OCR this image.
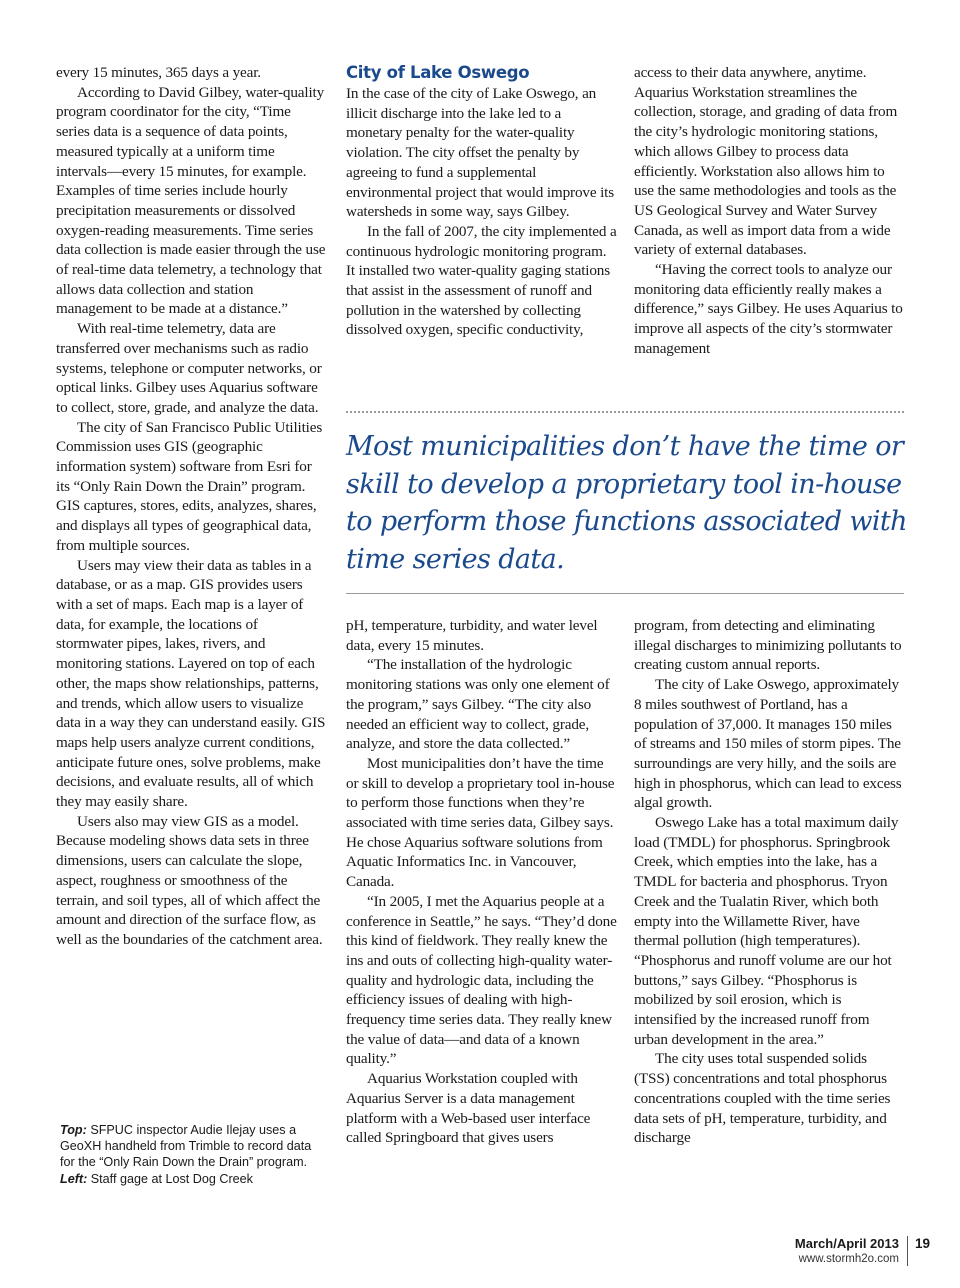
every 15 minutes, 365 days a year.

According to David Gilbey, water-quality program coordinator for the city, “Time series data is a sequence of data points, measured typically at a uniform time intervals—every 15 minutes, for example. Examples of time series include hourly precipitation measurements or dissolved oxygen-reading measurements. Time series data collection is made easier through the use of real-time data telemetry, a technology that allows data collection and station management to be made at a distance.”

With real-time telemetry, data are transferred over mechanisms such as radio systems, telephone or computer networks, or optical links. Gilbey uses Aquarius software to collect, store, grade, and analyze the data.

The city of San Francisco Public Utilities Commission uses GIS (geographic information system) software from Esri for its “Only Rain Down the Drain” program. GIS captures, stores, edits, analyzes, shares, and displays all types of geographical data, from multiple sources.

Users may view their data as tables in a database, or as a map. GIS provides users with a set of maps. Each map is a layer of data, for example, the locations of stormwater pipes, lakes, rivers, and monitoring stations. Layered on top of each other, the maps show relationships, patterns, and trends, which allow users to visualize data in a way they can understand easily. GIS maps help users analyze current conditions, anticipate future ones, solve problems, make decisions, and evaluate results, all of which they may easily share.

Users also may view GIS as a model. Because modeling shows data sets in three dimensions, users can calculate the slope, aspect, roughness or smoothness of the terrain, and soil types, all of which affect the amount and direction of the surface flow, as well as the boundaries of the catchment area.

Top: SFPUC inspector Audie Ilejay uses a GeoXH handheld from Trimble to record data for the “Only Rain Down the Drain” program.
Left: Staff gage at Lost Dog Creek
City of Lake Oswego

In the case of the city of Lake Oswego, an illicit discharge into the lake led to a monetary penalty for the water-quality violation. The city offset the penalty by agreeing to fund a supplemental environmental project that would improve its watersheds in some way, says Gilbey.

In the fall of 2007, the city implemented a continuous hydrologic monitoring program. It installed two water-quality gaging stations that assist in the assessment of runoff and pollution in the watershed by collecting dissolved oxygen, specific conductivity,

access to their data anywhere, anytime. Aquarius Workstation streamlines the collection, storage, and grading of data from the city’s hydrologic monitoring stations, which allows Gilbey to process data efficiently. Workstation also allows him to use the same methodologies and tools as the US Geological Survey and Water Survey Canada, as well as import data from a wide variety of external databases.

“Having the correct tools to analyze our monitoring data efficiently really makes a difference,” says Gilbey. He uses Aquarius to improve all aspects of the city’s stormwater management

Most municipalities don’t have the time or skill to develop a proprietary tool in-house to perform those functions associated with time series data.

pH, temperature, turbidity, and water level data, every 15 minutes.

“The installation of the hydrologic monitoring stations was only one element of the program,” says Gilbey. “The city also needed an efficient way to collect, grade, analyze, and store the data collected.”

Most municipalities don’t have the time or skill to develop a proprietary tool in-house to perform those functions when they’re associated with time series data, Gilbey says. He chose Aquarius software solutions from Aquatic Informatics Inc. in Vancouver, Canada.

“In 2005, I met the Aquarius people at a conference in Seattle,” he says. “They’d done this kind of fieldwork. They really knew the ins and outs of collecting high-quality water-quality and hydrologic data, including the efficiency issues of dealing with high-frequency time series data. They really knew the value of data—and data of a known quality.”

Aquarius Workstation coupled with Aquarius Server is a data management platform with a Web-based user interface called Springboard that gives users

program, from detecting and eliminating illegal discharges to minimizing pollutants to creating custom annual reports.

The city of Lake Oswego, approximately 8 miles southwest of Portland, has a population of 37,000. It manages 150 miles of streams and 150 miles of storm pipes. The surroundings are very hilly, and the soils are high in phosphorus, which can lead to excess algal growth.

Oswego Lake has a total maximum daily load (TMDL) for phosphorus. Springbrook Creek, which empties into the lake, has a TMDL for bacteria and phosphorus. Tryon Creek and the Tualatin River, which both empty into the Willamette River, have thermal pollution (high temperatures). “Phosphorus and runoff volume are our hot buttons,” says Gilbey. “Phosphorus is mobilized by soil erosion, which is intensified by the increased runoff from urban development in the area.”

The city uses total suspended solids (TSS) concentrations and total phosphorus concentrations coupled with the time series data sets of pH, temperature, turbidity, and discharge

March/April 2013
www.stormh2o.com
19
